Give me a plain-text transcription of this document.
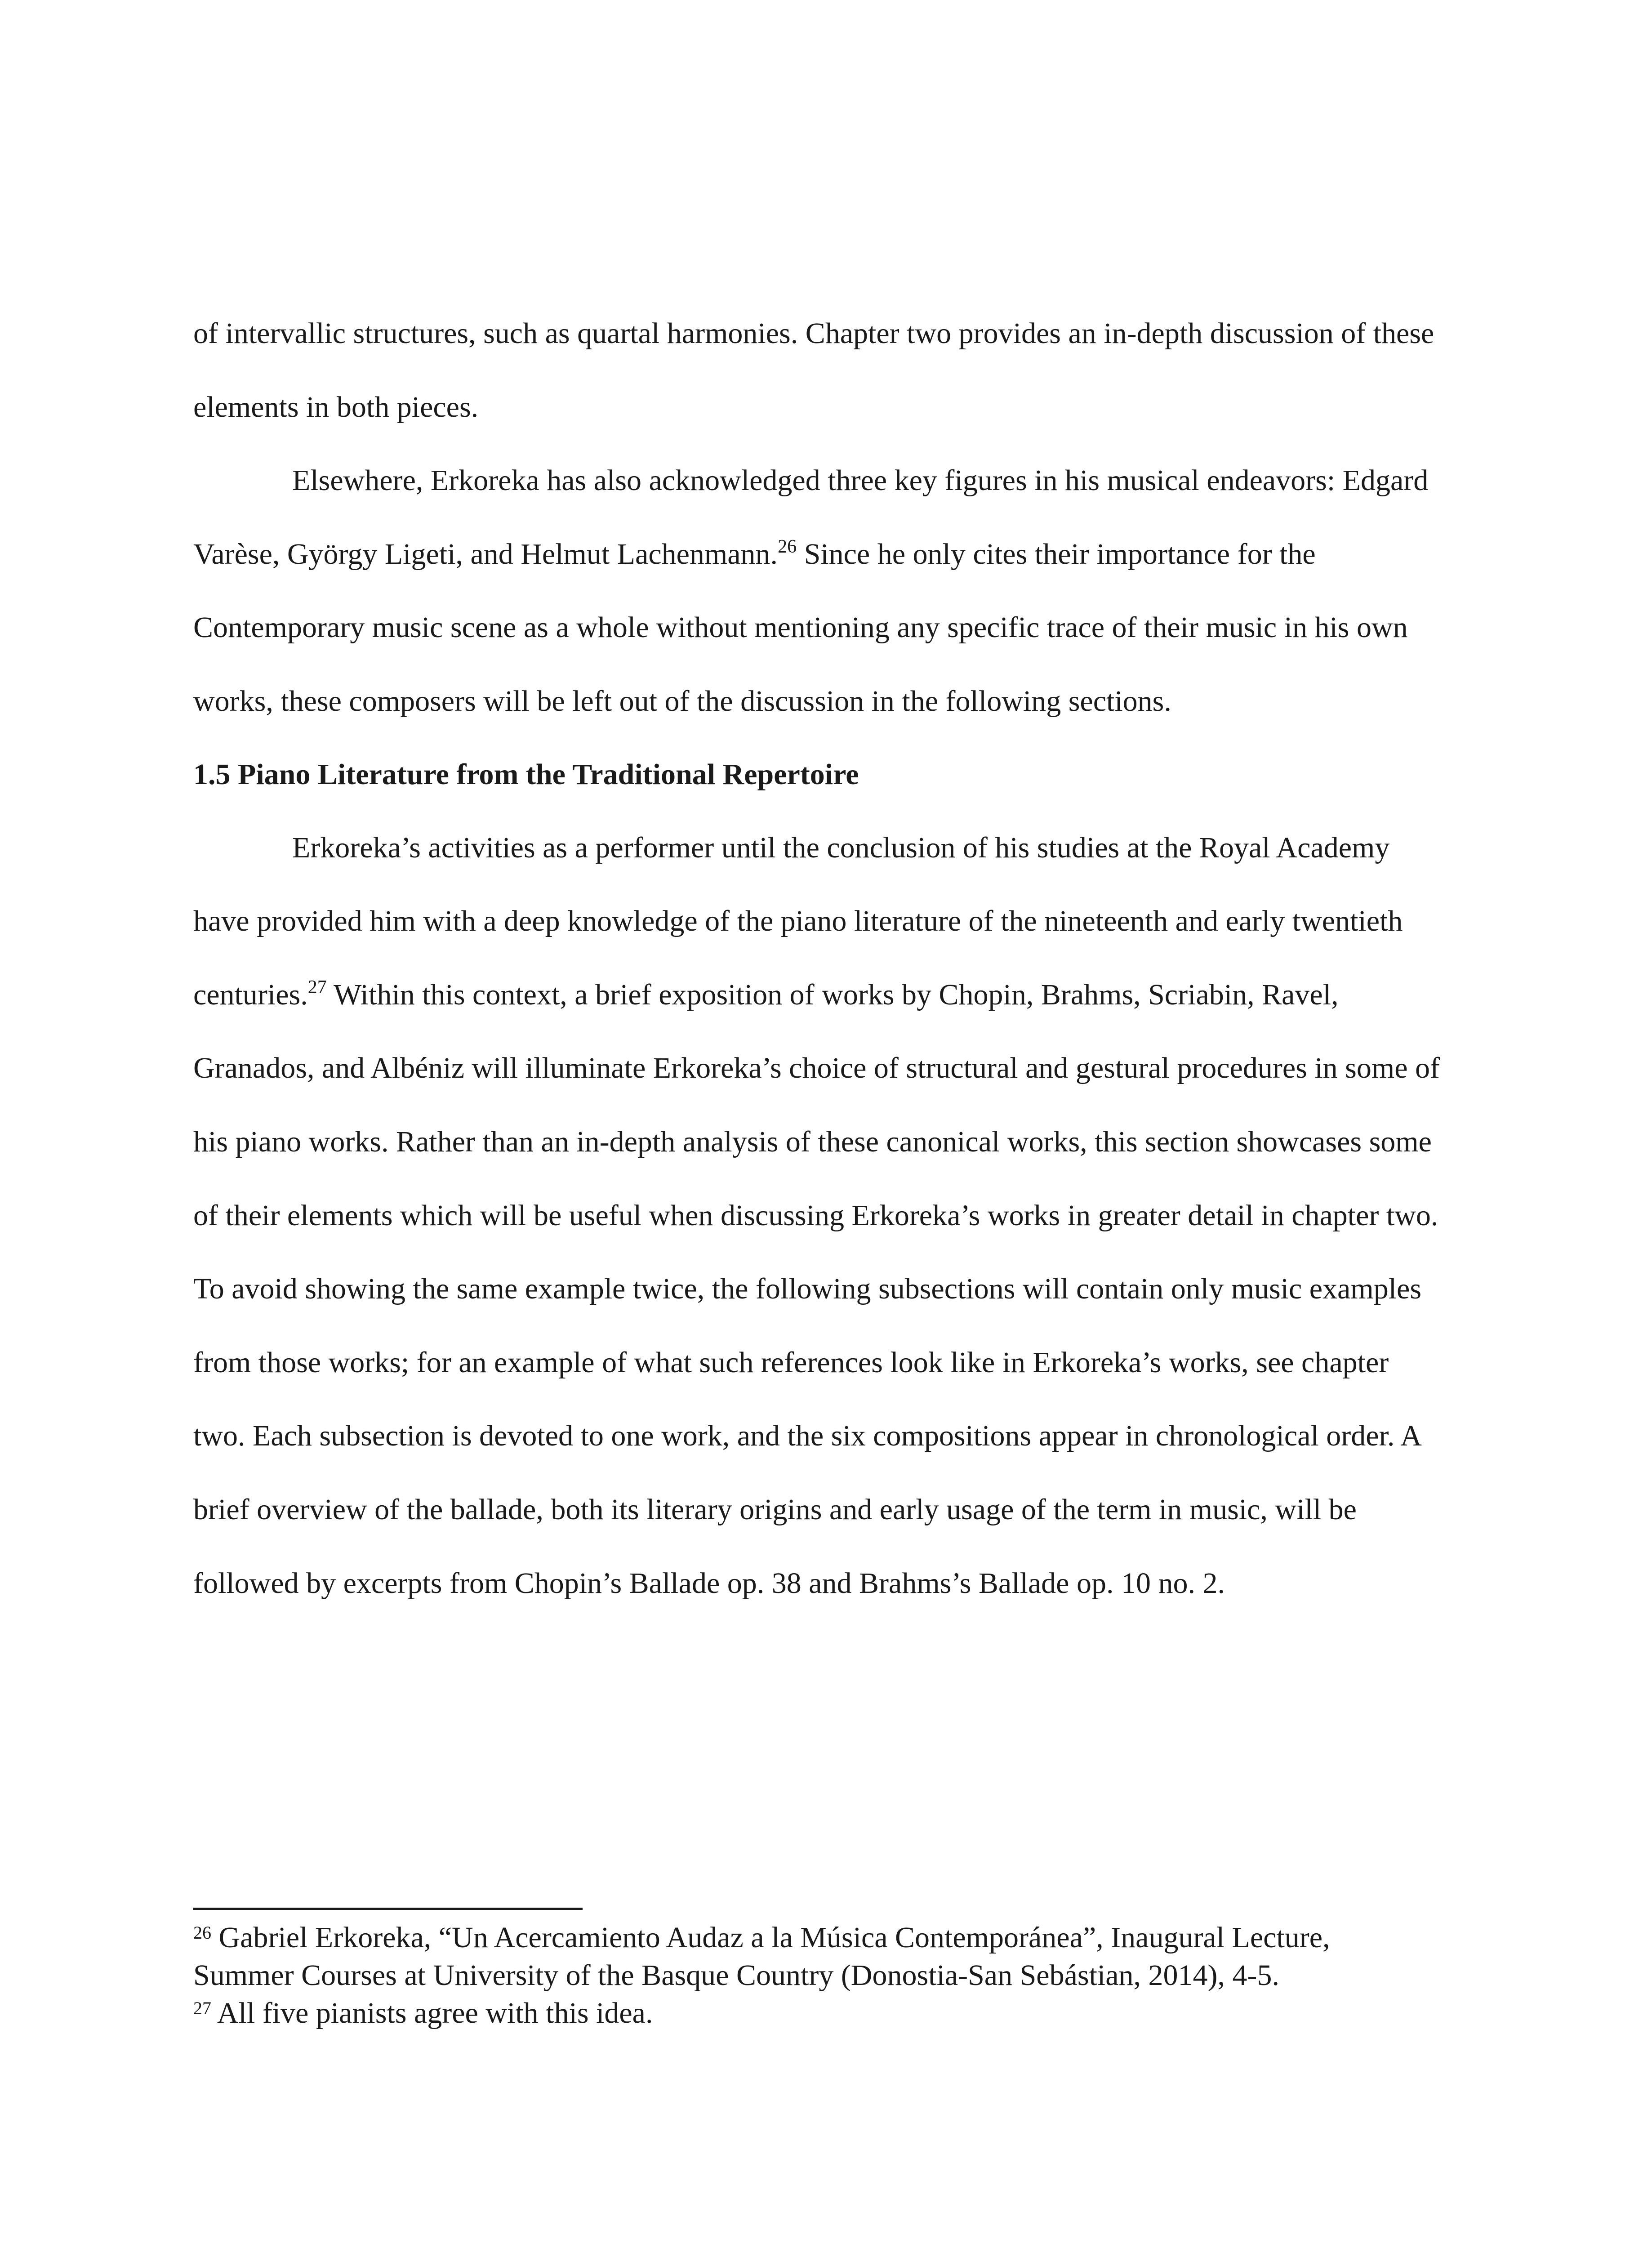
of intervallic structures, such as quartal harmonies. Chapter two provides an in-depth discussion of these elements in both pieces.

Elsewhere, Erkoreka has also acknowledged three key figures in his musical endeavors: Edgard Varèse, György Ligeti, and Helmut Lachenmann.$^{26}$ Since he only cites their importance for the Contemporary music scene as a whole without mentioning any specific trace of their music in his own works, these composers will be left out of the discussion in the following sections.

1.5 Piano Literature from the Traditional Repertoire

Erkoreka’s activities as a performer until the conclusion of his studies at the Royal Academy have provided him with a deep knowledge of the piano literature of the nineteenth and early twentieth centuries.$^{27}$ Within this context, a brief exposition of works by Chopin, Brahms, Scriabin, Ravel, Granados, and Albéniz will illuminate Erkoreka’s choice of structural and gestural procedures in some of his piano works. Rather than an in-depth analysis of these canonical works, this section showcases some of their elements which will be useful when discussing Erkoreka’s works in greater detail in chapter two. To avoid showing the same example twice, the following subsections will contain only music examples from those works; for an example of what such references look like in Erkoreka’s works, see chapter two. Each subsection is devoted to one work, and the six compositions appear in chronological order. A brief overview of the ballade, both its literary origins and early usage of the term in music, will be followed by excerpts from Chopin’s Ballade op. 38 and Brahms’s Ballade op. 10 no. 2.

$^{26}$ Gabriel Erkoreka, “Un Acercamiento Audaz a la Música Contemporánea”, Inaugural Lecture,

Summer Courses at University of the Basque Country (Donostia-San Sebástian, 2014), 4-5.

$^{27}$ All five pianists agree with this idea.
